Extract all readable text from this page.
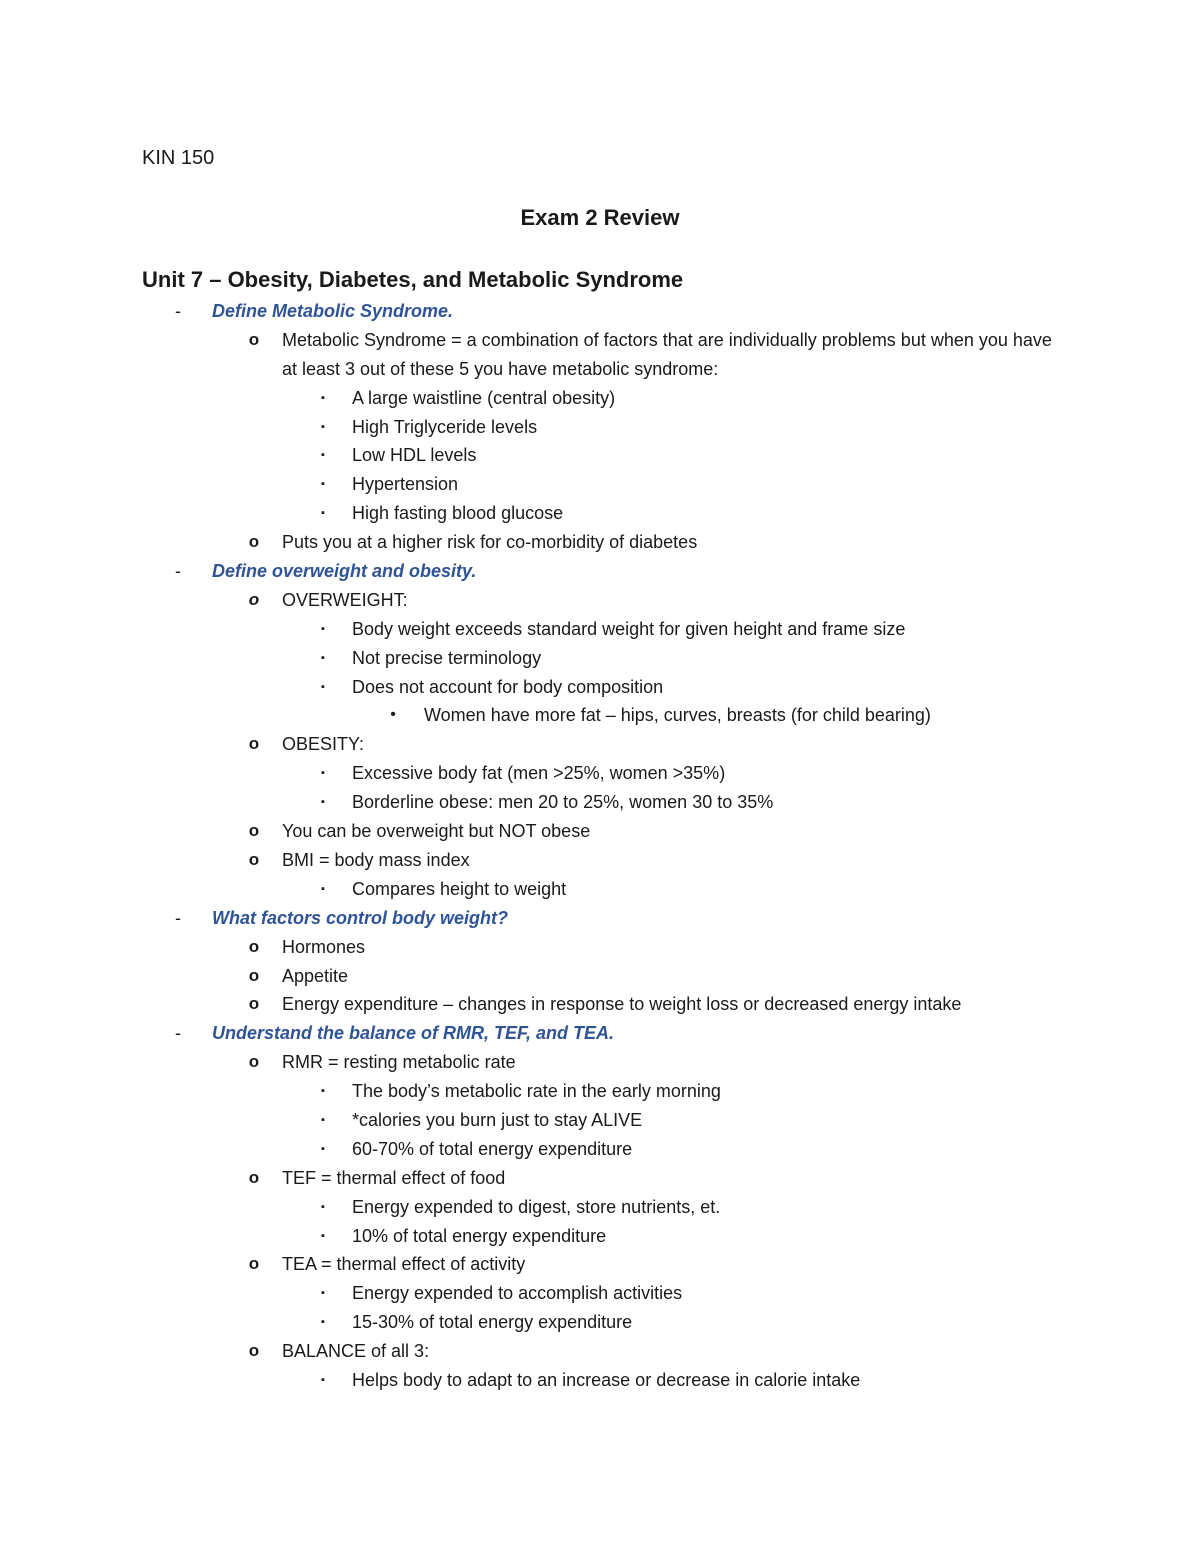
KIN 150
Exam 2 Review
Unit 7 – Obesity, Diabetes, and Metabolic Syndrome
-	Define Metabolic Syndrome.
o Metabolic Syndrome = a combination of factors that are individually problems but when you have at least 3 out of these 5 you have metabolic syndrome:
▪	A large waistline (central obesity)
▪	High Triglyceride levels
▪	Low HDL levels
▪	Hypertension
▪	High fasting blood glucose
o Puts you at a higher risk for co-morbidity of diabetes
-	Define overweight and obesity.
o OVERWEIGHT:
▪	Body weight exceeds standard weight for given height and frame size
▪	Not precise terminology
▪	Does not account for body composition
•	Women have more fat – hips, curves, breasts (for child bearing)
o OBESITY:
▪	Excessive body fat (men >25%, women >35%)
▪	Borderline obese: men 20 to 25%, women 30 to 35%
o You can be overweight but NOT obese
o BMI = body mass index
▪	Compares height to weight
-	What factors control body weight?
o Hormones
o Appetite
o Energy expenditure – changes in response to weight loss or decreased energy intake
-	Understand the balance of RMR, TEF, and TEA.
o RMR = resting metabolic rate
▪	The body’s metabolic rate in the early morning
▪	*calories you burn just to stay ALIVE
▪	60-70% of total energy expenditure
o TEF = thermal effect of food
▪	Energy expended to digest, store nutrients, et.
▪	10% of total energy expenditure
o TEA = thermal effect of activity
▪	Energy expended to accomplish activities
▪	15-30% of total energy expenditure
o BALANCE of all 3:
▪	Helps body to adapt to an increase or decrease in calorie intake
